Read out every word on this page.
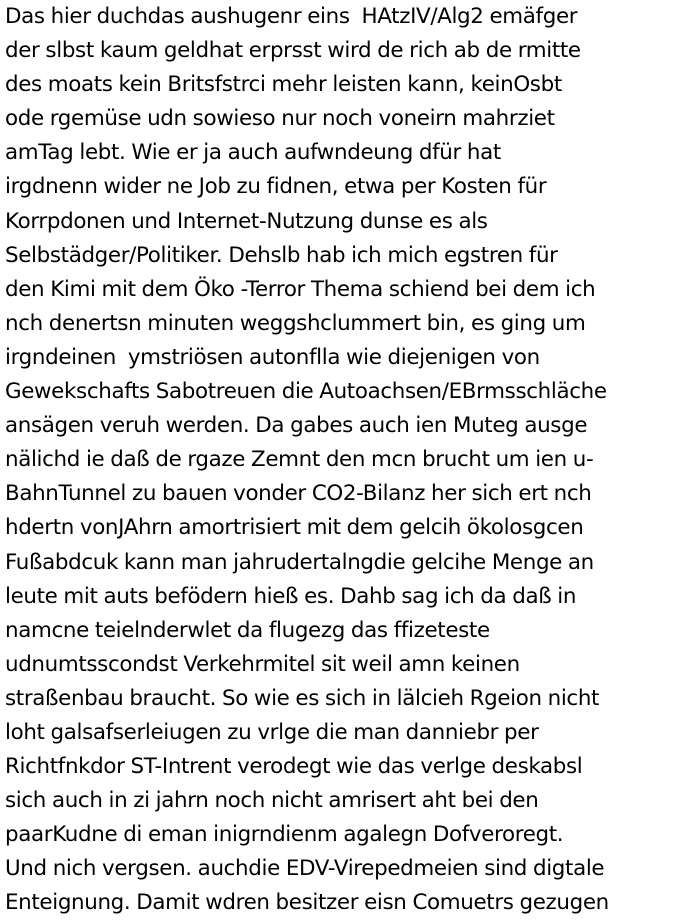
Das hier duchdas aushugenr eins  HAtzIV/Alg2 emäfger
der slbst kaum geldhat erprsst wird de rich ab de rmitte
des moats kein Britsfstrci mehr leisten kann, keinOsbt
ode rgemüse udn sowieso nur noch voneirn mahrziet
amTag lebt. Wie er ja auch aufwndeung dfür hat
irgdnenn wider ne Job zu fidnen, etwa per Kosten für
Korrpdonen und Internet-Nutzung dunse es als
Selbstädger/Politiker. Dehslb hab ich mich egstren für
den Kimi mit dem Öko -Terror Thema schiend bei dem ich
nch denertsn minuten weggshclummert bin, es ging um
irgndeinen  ymstriösen autonflla wie diejenigen von
Gewekschafts Sabotreuen die Autoachsen/EBrmsschläche
ansägen veruh werden. Da gabes auch ien Muteg ausge
nälichd ie daß de rgaze Zemnt den mcn brucht um ien u-
BahnTunnel zu bauen vonder CO2-Bilanz her sich ert nch
hdertn vonJAhrn amortrisiert mit dem gelcih ökolosgcen
Fußabdcuk kann man jahrudertalngdie gelcihe Menge an
leute mit auts befödern hieß es. Dahb sag ich da daß in
namcne teielnderwlet da flugezg das ffizeteste
udnumtsscondst Verkehrmitel sit weil amn keinen
straßenbau braucht. So wie es sich in lälcieh Rgeion nicht
loht galsafserleiugen zu vrlge die man danniebr per
Richtfnkdor ST-Intrent verodegt wie das verlge deskabsl
sich auch in zi jahrn noch nicht amrisert aht bei den
paarKudne di eman inigrndienm agalegn Dofveroregt.
Und nich vergsen. auchdie EDV-Virepedmeien sind digtale
Enteignung. Damit wdren besitzer eisn Comuetrs gezugen
